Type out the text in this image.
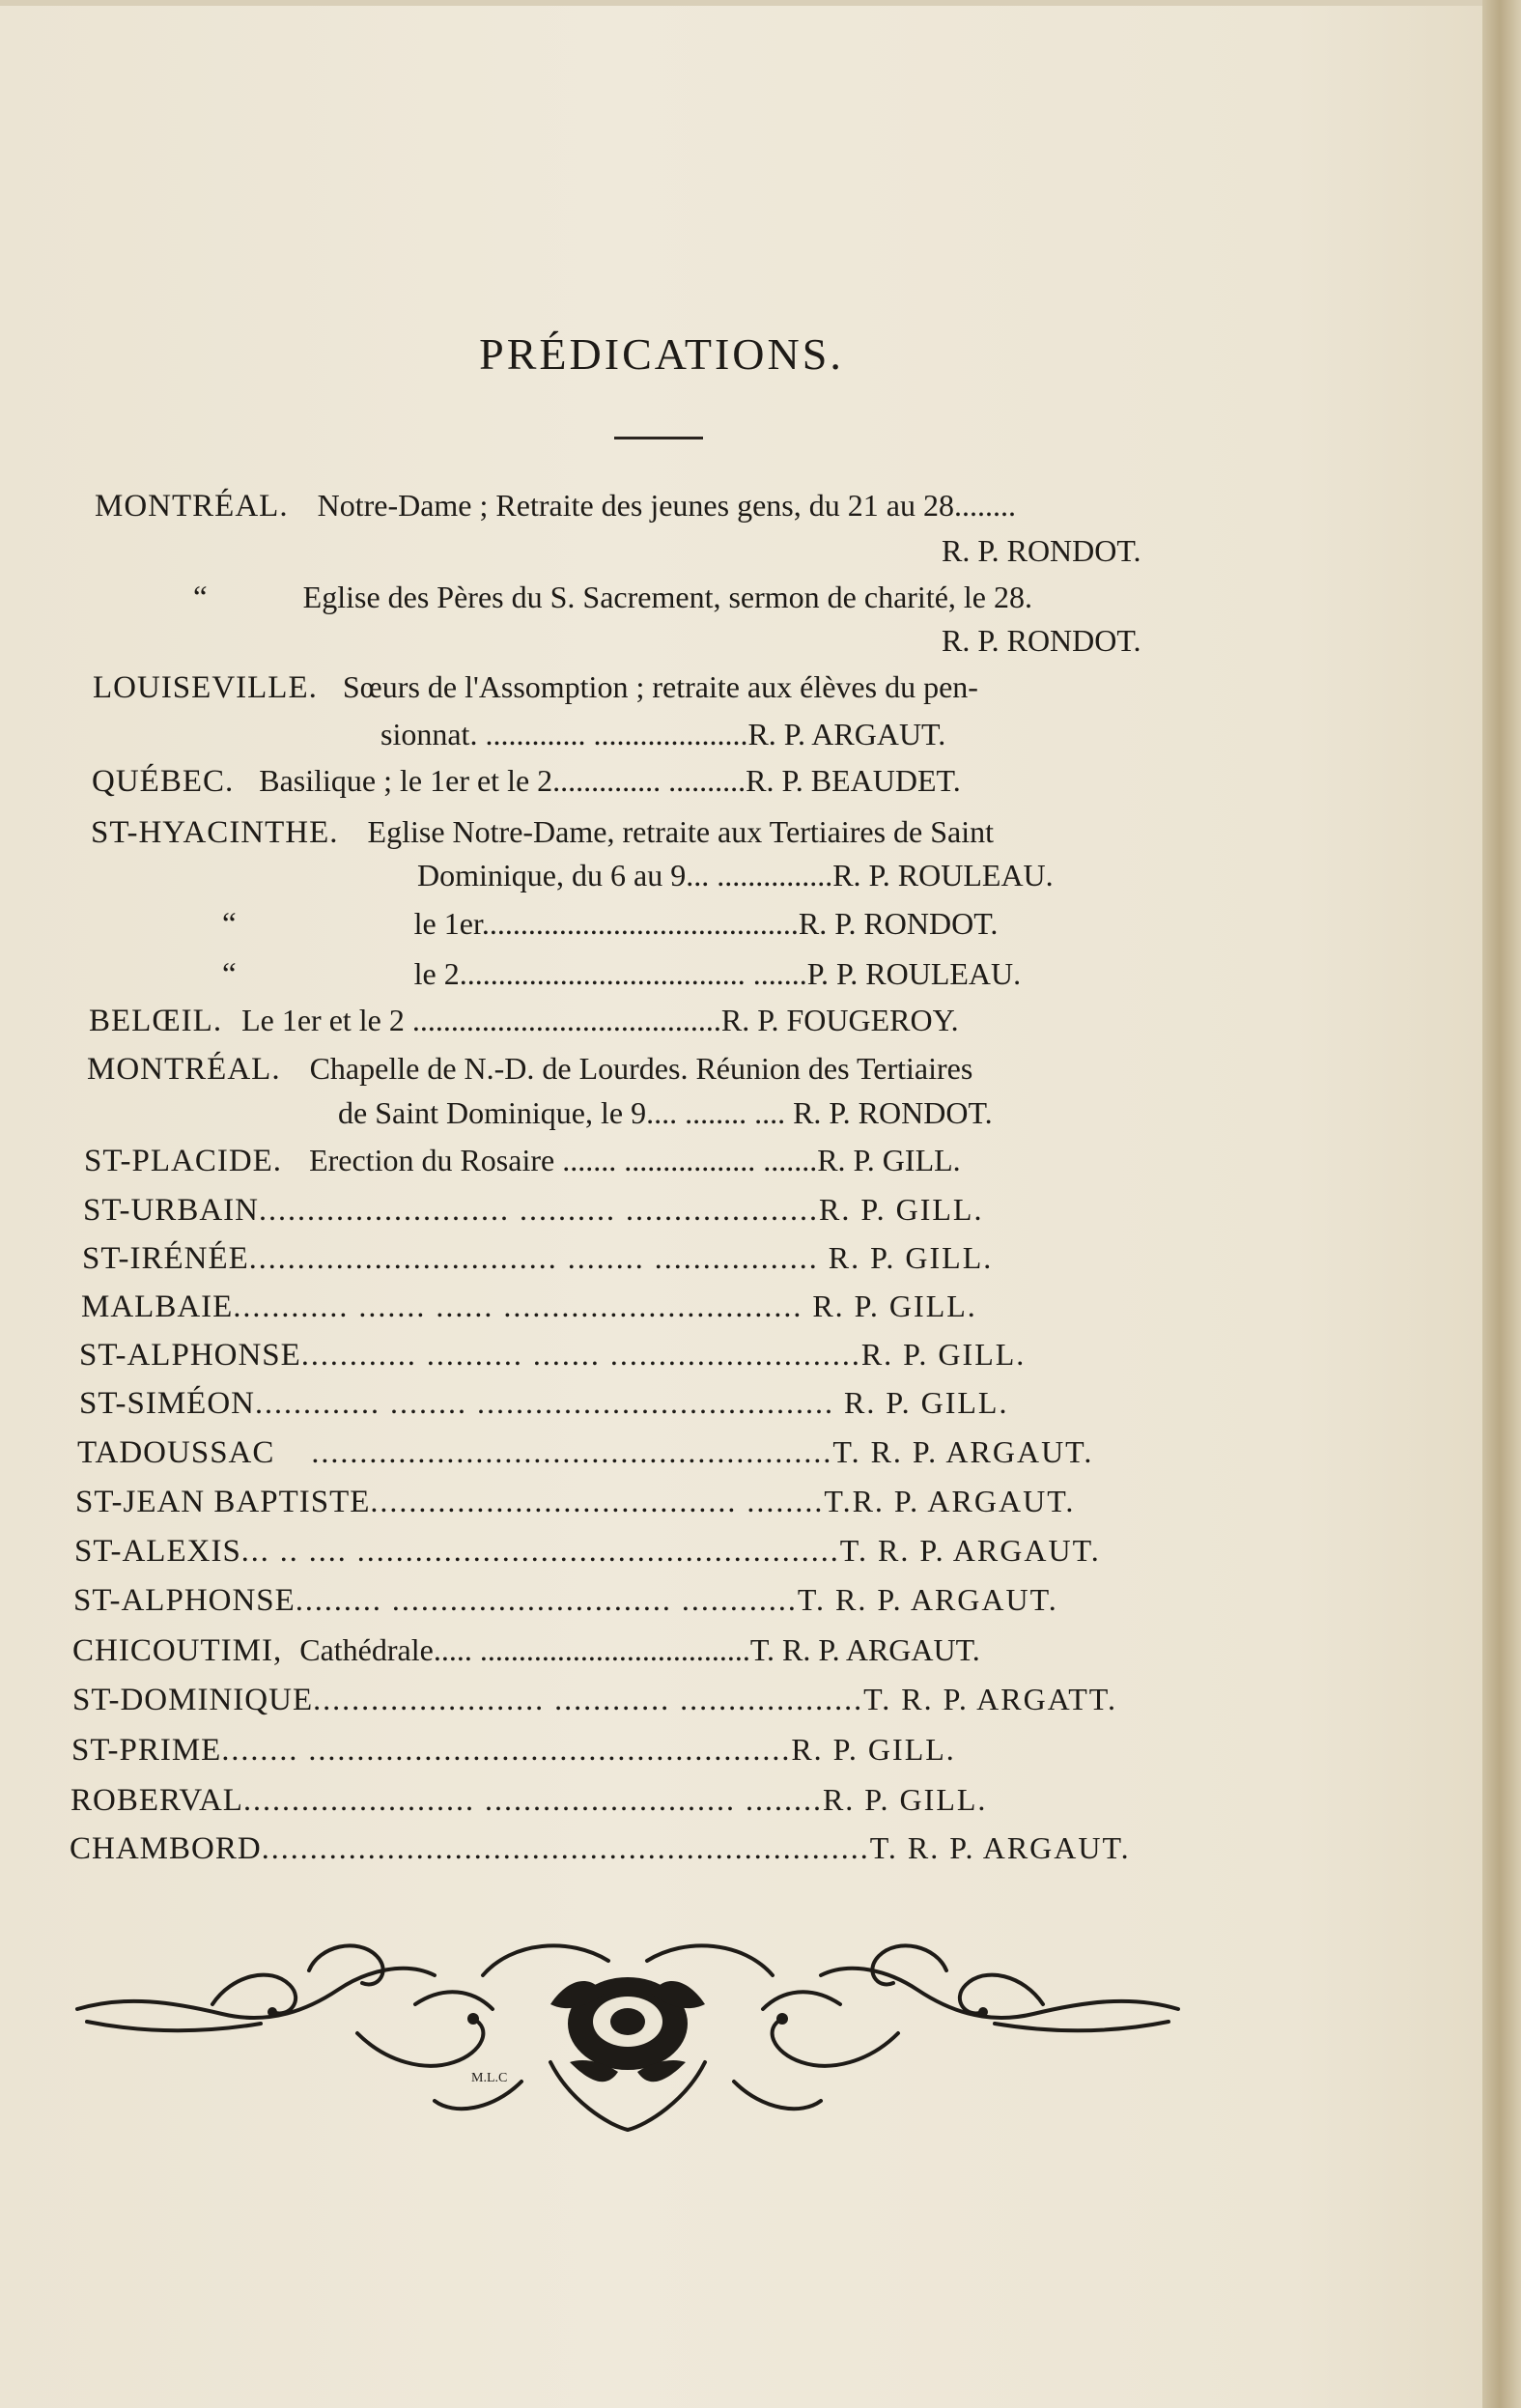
PRÉDICATIONS.
MONTRÉAL. Notre-Dame ; Retraite des jeunes gens, du 21 au 28........
R. P. RONDOT.
“	Eglise des Pères du S. Sacrement, sermon de charité, le 28.
R. P. RONDOT.
LOUISEVILLE. Sœurs de l'Assomption ; retraite aux élèves du pen-
sionnat. ............. ....................R. P. ARGAUT.
QUÉBEC. Basilique ; le 1er et le 2.............. ..........R. P. BEAUDET.
ST-HYACINTHE. Eglise Notre-Dame, retraite aux Tertiaires de Saint
Dominique, du 6 au 9... ...............R. P. ROULEAU.
“	le 1er.........................................R. P. RONDOT.
“	le 2..................................... .......P. P. ROULEAU.
BELŒIL. Le 1er et le 2 ........................................R. P. FOUGEROY.
MONTRÉAL. Chapelle de N.-D. de Lourdes. Réunion des Tertiaires
de Saint Dominique, le 9.... ........ .... R. P. RONDOT.
ST-PLACIDE. Erection du Rosaire ....... ................. .......R. P. GILL.
ST-URBAIN.......................... .......... ....................R. P. GILL.
ST-IRÉNÉE................................ ........ ................. R. P. GILL.
MALBAIE............ ....... ...... ............................... R. P. GILL.
ST-ALPHONSE............ .......... ....... ..........................R. P. GILL.
ST-SIMÉON............. ........ ..................................... R. P. GILL.
TADOUSSAC ......................................................T. R. P. ARGAUT.
ST-JEAN BAPTISTE...................................... ........T.R. P. ARGAUT.
ST-ALEXIS... .. .... ..................................................T. R. P. ARGAUT.
ST-ALPHONSE......... ............................. ............T. R. P. ARGAUT.
CHICOUTIMI, Cathédrale..... ...................................T. R. P. ARGAUT.
ST-DOMINIQUE........................ ............ ...................T. R. P. ARGATT.
ST-PRIME........ ..................................................R. P. GILL.
ROBERVAL........................ .......................... ........R. P. GILL.
CHAMBORD...............................................................T. R. P. ARGAUT.
M.L.C
